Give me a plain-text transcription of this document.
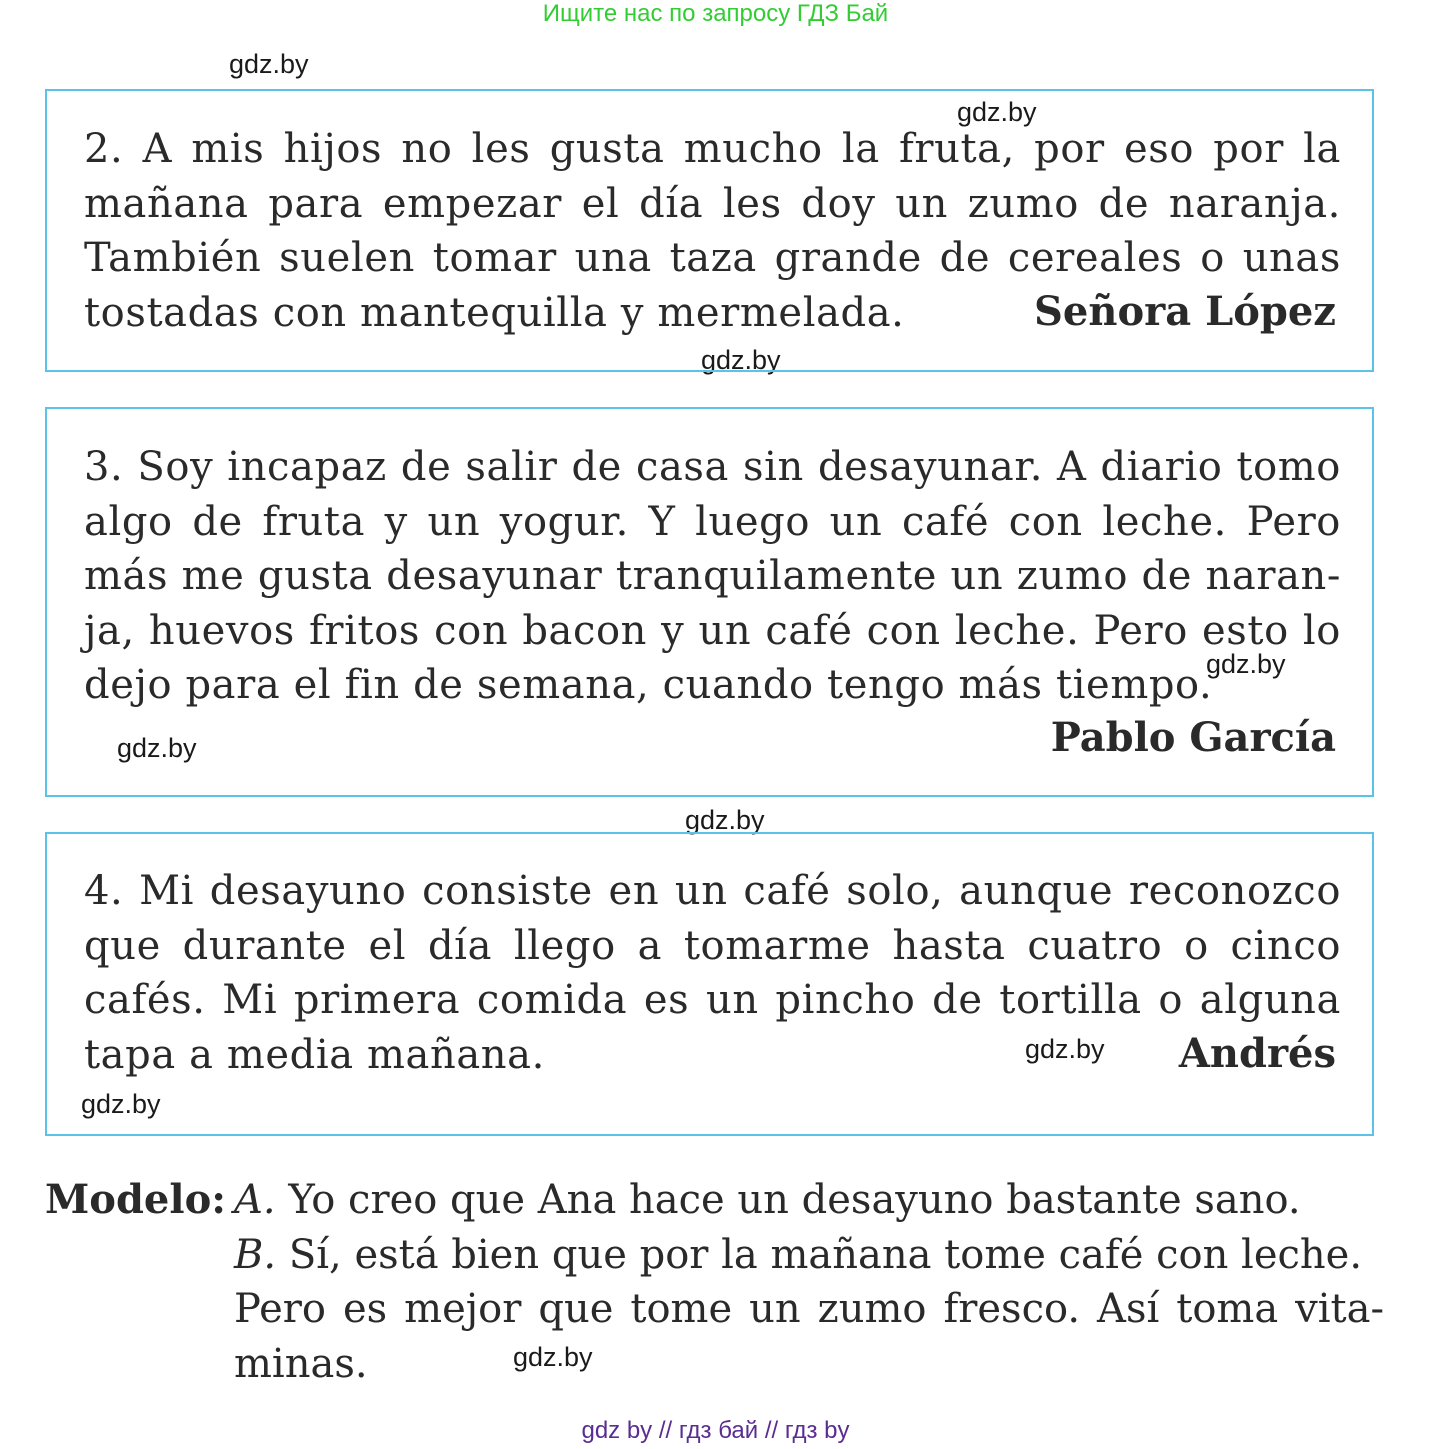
Ищите нас по запросу ГДЗ Бай
gdz.by
gdz.by
gdz.by
gdz.by
gdz.by
gdz.by
gdz.by
gdz.by
gdz.by
2. A mis hijos no les gusta mucho la fruta, por eso por la
mañana para empezar el día les doy un zumo de naranja.
También suelen tomar una taza grande de cereales o unas
tostadas con mantequilla y mermelada.	Señora López
3. Soy incapaz de salir de casa sin desayunar. A diario tomo
algo de fruta y un yogur. Y luego un café con leche. Pero
más me gusta desayunar tranquilamente un zumo de naran-
ja, huevos fritos con bacon y un café con leche. Pero esto lo
dejo para el fin de semana, cuando tengo más tiempo.
Pablo García
4. Mi desayuno consiste en un café solo, aunque reconozco
que durante el día llego a tomarme hasta cuatro o cinco
cafés. Mi primera comida es un pincho de tortilla o alguna
tapa a media mañana.	Andrés
Modelo: A. Yo creo que Ana hace un desayuno bastante sano.
B. Sí, está bien que por la mañana tome café con leche.
Pero es mejor que tome un zumo fresco. Así toma vita-
minas.
gdz by // гдз бай // гдз by
